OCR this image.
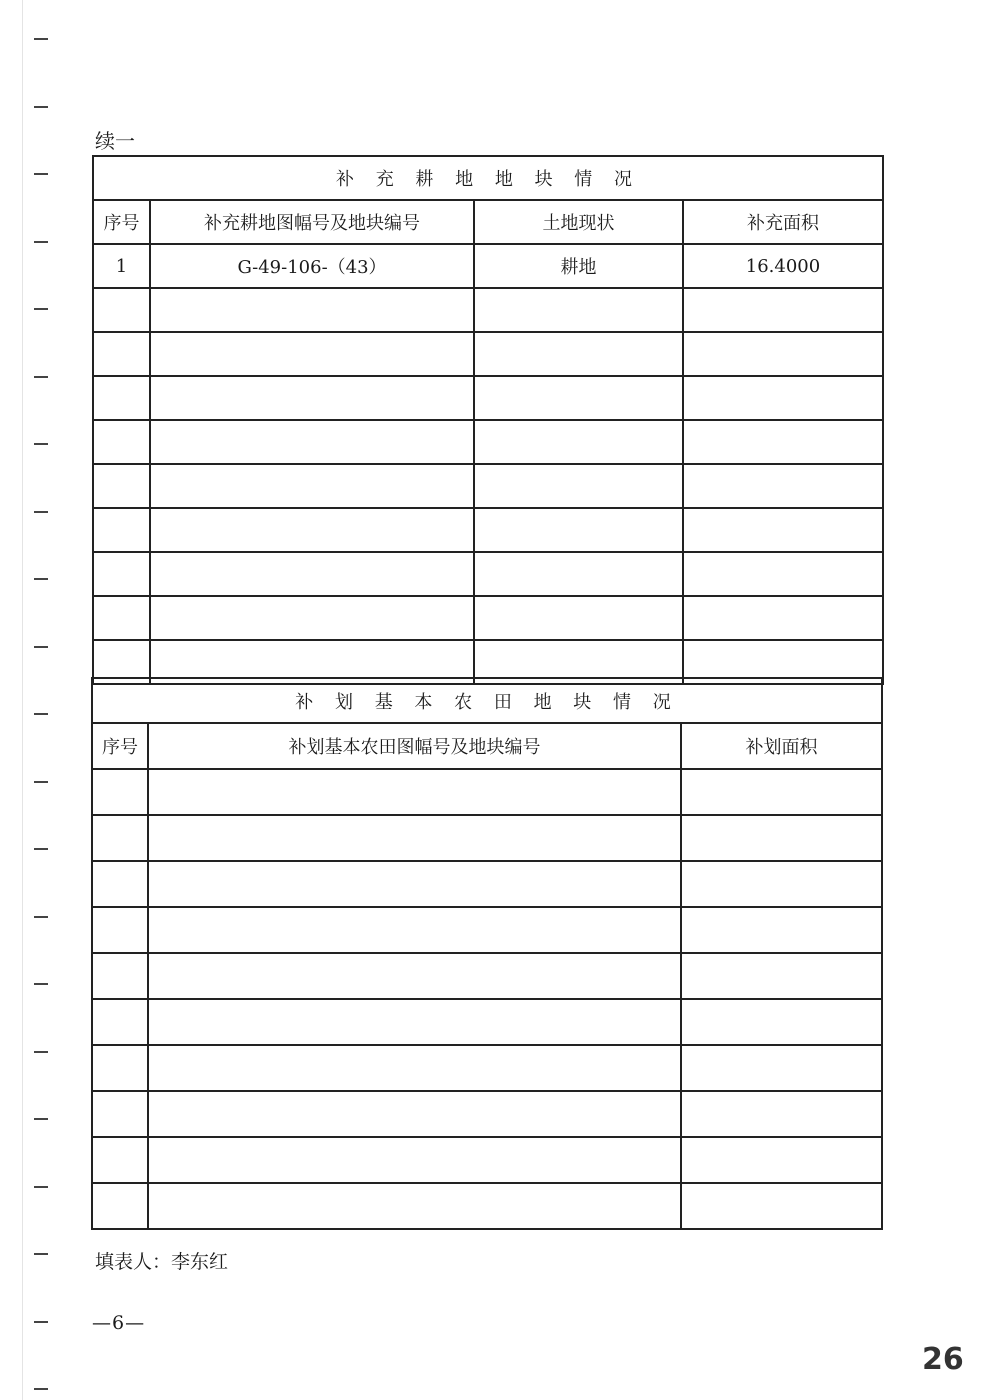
续一
补 充 耕 地 地 块 情 况			
序号	补充耕地图幅号及地块编号	土地现状	补充面积
1	G-49-106-（43）	耕地	16.4000

补 划 基 本 农 田 地 块 情 况		
序号	补划基本农田图幅号及地块编号	补划面积

填表人：李东红
—6—
26
